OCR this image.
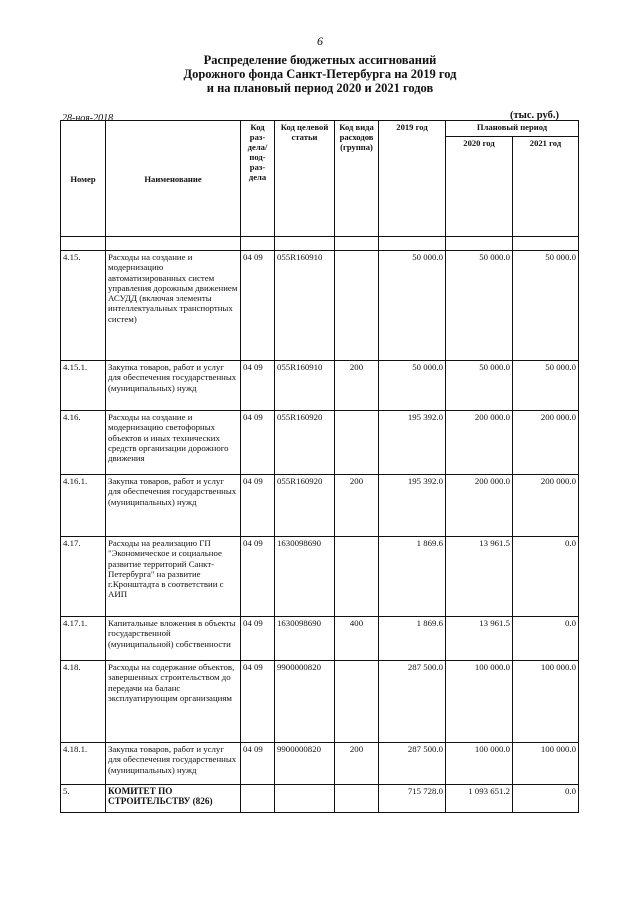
6
Распределение бюджетных ассигнований
Дорожного фонда Санкт-Петербурга на 2019 год
и на плановый период 2020 и 2021 годов
28-ноя-2018	(тыс. руб.)
Номер	Наименование	Код раз- дела/ под- раз- дела	Код целевой статьи	Код вида расходов (группа)	2019 год	Плановый период	
						2020 год	2021 год

4.15.	Расходы на создание и модернизацию автоматизированных систем управления дорожным движением АСУДД (включая элементы интеллектуальных транспортных систем)	04 09	055R160910		50 000.0	50 000.0	50 000.0
4.15.1.	Закупка товаров, работ и услуг для обеспечения государственных (муниципальных) нужд	04 09	055R160910	200	50 000.0	50 000.0	50 000.0
4.16.	Расходы на создание и модернизацию светофорных объектов и иных технических средств организации дорожного движения	04 09	055R160920		195 392.0	200 000.0	200 000.0
4.16.1.	Закупка товаров, работ и услуг для обеспечения государственных (муниципальных) нужд	04 09	055R160920	200	195 392.0	200 000.0	200 000.0
4.17.	Расходы на реализацию ГП "Экономическое и социальное развитие территорий Санкт-Петербурга" на развитие г.Кронштадта в соответствии с АИП	04 09	1630098690		1 869.6	13 961.5	0.0
4.17.1.	Капитальные вложения в объекты государственной (муниципальной) собственности	04 09	1630098690	400	1 869.6	13 961.5	0.0
4.18.	Расходы на содержание объектов, завершенных строительством до передачи на баланс эксплуатирующим организациям	04 09	9900000820		287 500.0	100 000.0	100 000.0
4.18.1.	Закупка товаров, работ и услуг для обеспечения государственных (муниципальных) нужд	04 09	9900000820	200	287 500.0	100 000.0	100 000.0
5.	КОМИТЕТ ПО СТРОИТЕЛЬСТВУ (826)				715 728.0	1 093 651.2	0.0
